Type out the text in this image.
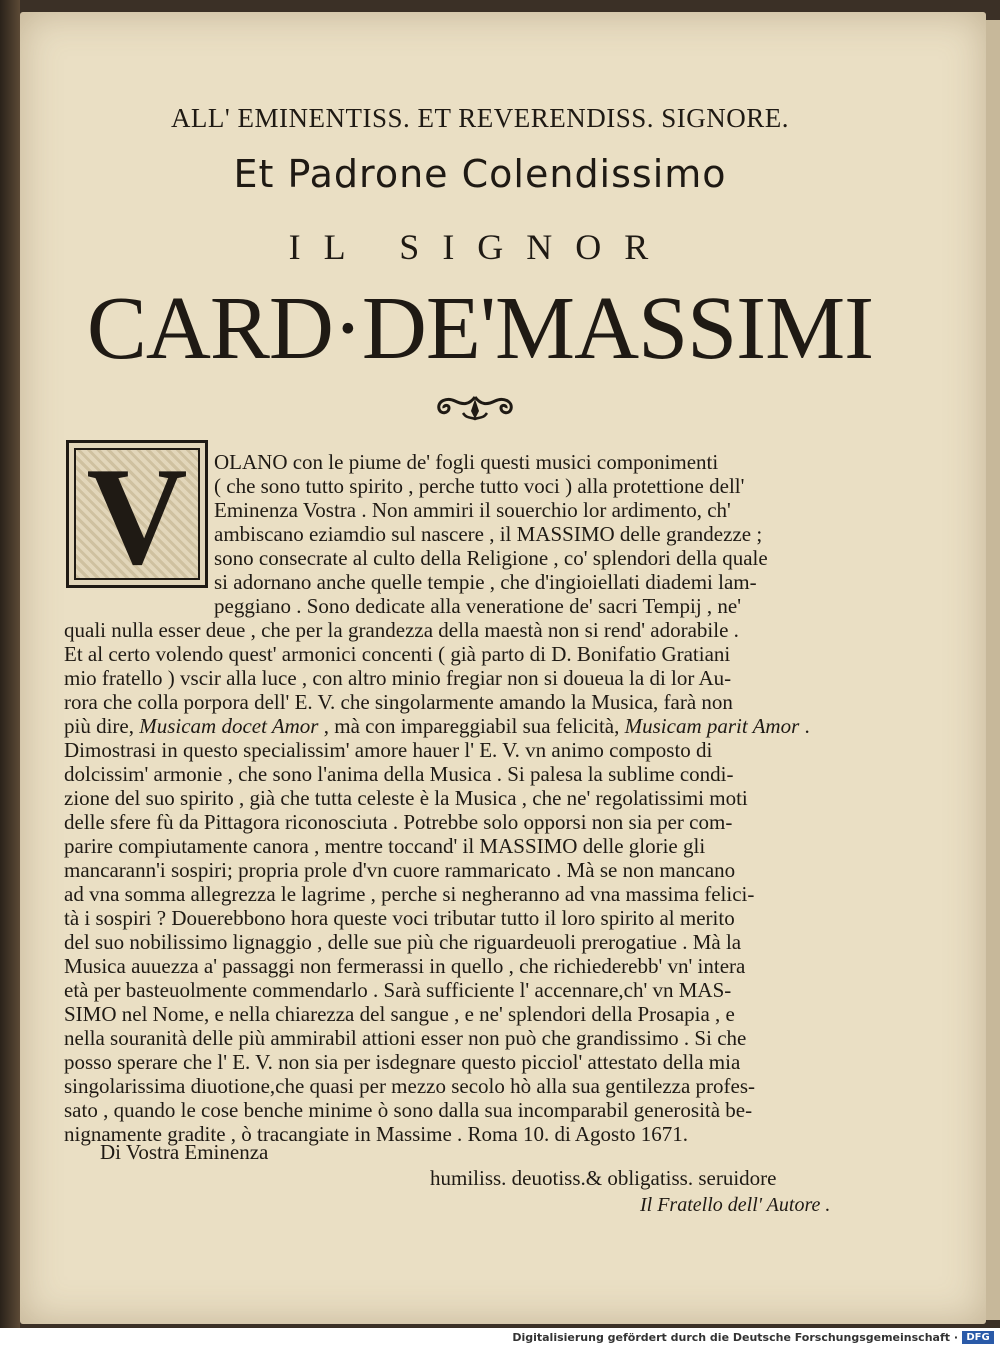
ALL' EMINENTISS. ET REVERENDISS. SIGNORE.
Et Padrone Colendissimo
IL SIGNOR
CARD·DE'MASSIMI
V	OLANO con le piume de' fogli questi musici componimenti
( che sono tutto spirito , perche tutto voci ) alla protettione dell'
Eminenza Vostra . Non ammiri il souerchio lor ardimento, ch'
ambiscano eziamdio sul nascere , il MASSIMO delle grandezze ;
sono consecrate al culto della Religione , co' splendori della quale
si adornano anche quelle tempie , che d'ingioiellati diademi lam-
peggiano . Sono dedicate alla veneratione de' sacri Tempij , ne'
quali nulla esser deue , che per la grandezza della maestà non si rend' adorabile .
Et al certo volendo quest' armonici concenti ( già parto di D. Bonifatio Gratiani
mio fratello ) vscir alla luce , con altro minio fregiar non si doueua la di lor Au-
rora che colla porpora dell' E. V. che singolarmente amando la Musica, farà non
più dire, Musicam docet Amor , mà con impareggiabil sua felicità, Musicam parit Amor .
Dimostrasi in questo specialissim' amore hauer l' E. V. vn animo composto di
dolcissim' armonie , che sono l'anima della Musica . Si palesa la sublime condi-
zione del suo spirito , già che tutta celeste è la Musica , che ne' regolatissimi moti
delle sfere fù da Pittagora riconosciuta . Potrebbe solo opporsi non sia per com-
parire compiutamente canora , mentre toccand' il MASSIMO delle glorie gli
mancarann'i sospiri; propria prole d'vn cuore rammaricato . Mà se non mancano
ad vna somma allegrezza le lagrime , perche si negheranno ad vna massima felici-
tà i sospiri ? Douerebbono hora queste voci tributar tutto il loro spirito al merito
del suo nobilissimo lignaggio , delle sue più che riguardeuoli prerogatiue . Mà la
Musica auuezza a' passaggi non fermerassi in quello , che richiederebb' vn' intera
età per basteuolmente commendarlo . Sarà sufficiente l' accennare,ch' vn MAS-
SIMO nel Nome, e nella chiarezza del sangue , e ne' splendori della Prosapia , e
nella souranità delle più ammirabil attioni esser non può che grandissimo . Si che
posso sperare che l' E. V. non sia per isdegnare questo picciol' attestato della mia
singolarissima diuotione,che quasi per mezzo secolo hò alla sua gentilezza profes-
sato , quando le cose benche minime ò sono dalla sua incomparabil generosità be-
nignamente gradite , ò tracangiate in Massime . Roma 10. di Agosto 1671.
Di Vostra Eminenza
humiliss. deuotiss.& obligatiss. seruidore
Il Fratello dell' Autore .
Digitalisierung gefördert durch die Deutsche Forschungsgemeinschaft · DFG
